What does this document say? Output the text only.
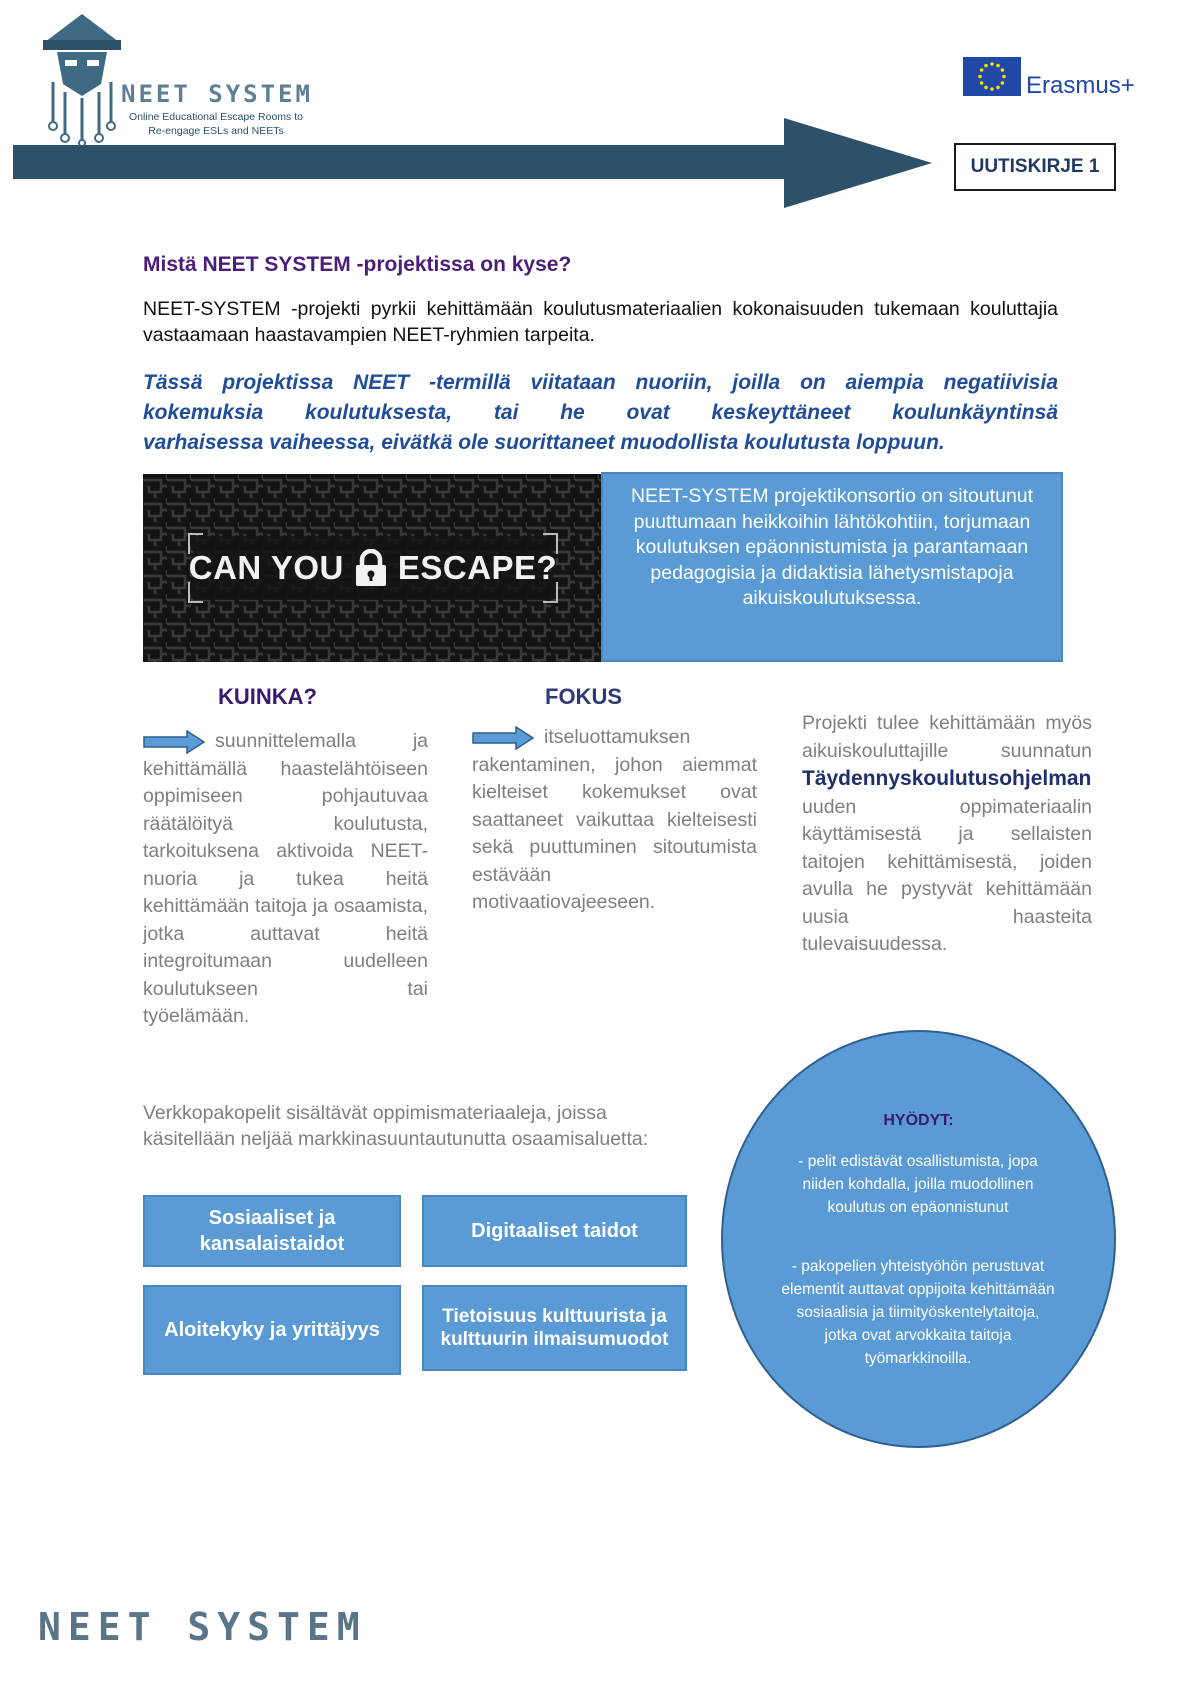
NEET SYSTEM
Online Educational Escape Rooms to Re-engage ESLs and NEETs
Erasmus+
UUTISKIRJE 1
Mistä NEET SYSTEM -projektissa on kyse?
NEET-SYSTEM -projekti pyrkii kehittämään koulutusmateriaalien kokonaisuuden tukemaan kouluttajia vastaamaan haastavampien NEET-ryhmien tarpeita.
Tässä projektissa NEET -termillä viitataan nuoriin, joilla on aiempia negatiivisia
kokemuksia koulutuksesta, tai he ovat keskeyttäneet koulunkäyntinsä
varhaisessa vaiheessa, eivätkä ole suorittaneet muodollista koulutusta loppuun.
CAN YOU ESCAPE?
NEET-SYSTEM projektikonsortio on sitoutunut puuttumaan heikkoihin lähtökohtiin, torjumaan koulutuksen epäonnistumista ja parantamaan pedagogisia ja didaktisia lähetysmistapoja aikuiskoulutuksessa.
KUINKA?	FOKUS
suunnittelemalla ja kehittämällä haastelähtöiseen oppimiseen pohjautuvaa räätälöityä koulutusta, tarkoituksena aktivoida NEET-nuoria ja tukea heitä kehittämään taitoja ja osaamista, jotka auttavat heitä integroitumaan uudelleen koulutukseen tai
työelämään.
itseluottamuksen rakentaminen, johon aiemmat kielteiset kokemukset ovat saattaneet vaikuttaa kielteisesti sekä puuttuminen sitoutumista estävään
motivaatiovajeeseen.
Projekti tulee kehittämään myös aikuiskouluttajille suunnatun Täydennyskoulutusohjelman uuden oppimateriaalin käyttämisestä ja sellaisten taitojen kehittämisestä, joiden avulla he pystyvät kehittämään uusia haasteita
tulevaisuudessa.
Verkkopakopelit sisältävät oppimismateriaaleja, joissa käsitellään neljää markkinasuuntautunutta osaamisaluetta:
Sosiaaliset ja kansalaistaidot
Digitaaliset taidot
Aloitekyky ja yrittäjyys
Tietoisuus kulttuurista ja kulttuurin ilmaisumuodot
HYÖDYT:
- pelit edistävät osallistumista, jopa niiden kohdalla, joilla muodollinen koulutus on epäonnistunut
- pakopelien yhteistyöhön perustuvat elementit auttavat oppijoita kehittämään sosiaalisia ja tiimityöskentelytaitoja, jotka ovat arvokkaita taitoja työmarkkinoilla.
NEET SYSTEM
